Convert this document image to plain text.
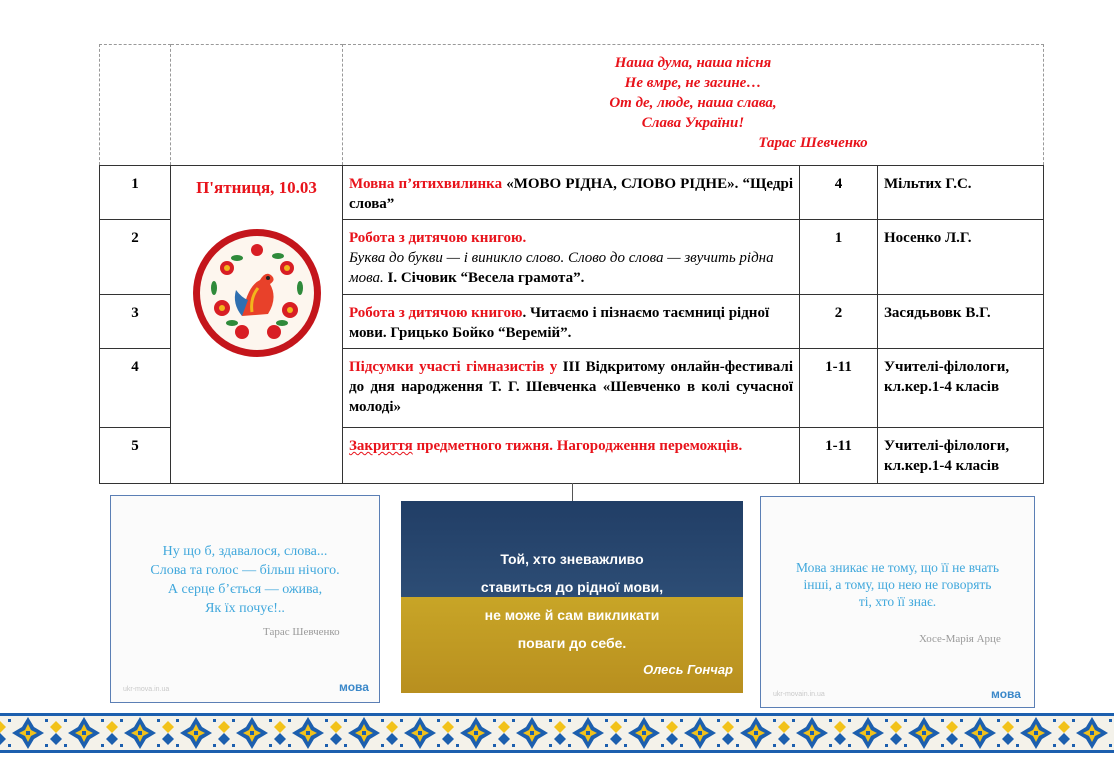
		Наша дума, наша пісня
Не вмре, не загине…
От де, люде, наша слава,
Слава України!
Тарас Шевченко		

1	П'ятниця, 10.03	Мовна п’ятихвилинка «МОВО РІДНА, СЛОВО РІДНЕ». “Щедрі слова”	4	Мільтих Г.С.
2		Робота з дитячою книгою.
Буква до букви — і виникло слово. Слово до слова — звучить рідна мова. І. Січовик “Весела грамота”.	1	Носенко Л.Г.
3		Робота з дитячою книгою. Читаємо і пізнаємо таємниці рідної мови. Грицько Бойко “Веремій”.	2	Засядьвовк В.Г.
4		Підсумки участі гімназистів у ІІІ Відкритому онлайн-фестивалі до дня народження Т. Г. Шевченка «Шевченко в колі сучасної молоді»	1-11	Учителі-філологи, кл.кер.1-4 класів
5		Закриття предметного тижня. Нагородження переможців.	1-11	Учителі-філологи, кл.кер.1-4 класів
Ну що б, здавалося, слова...
Слова та голос — більш нічого.
А серце б’ється — ожива,
Як їх почує!..
Тарас Шевченко
ukr-mova.in.ua	мова
Той, хто зневажливо
ставиться до рідної мови,
не може й сам викликати
поваги до себе.
Олесь Гончар
Мова зникає не тому, що її не вчать
інші, а тому, що нею не говорять
ті, хто її знає.
Хосе-Марія Арце
ukr-movain.in.ua	мова
